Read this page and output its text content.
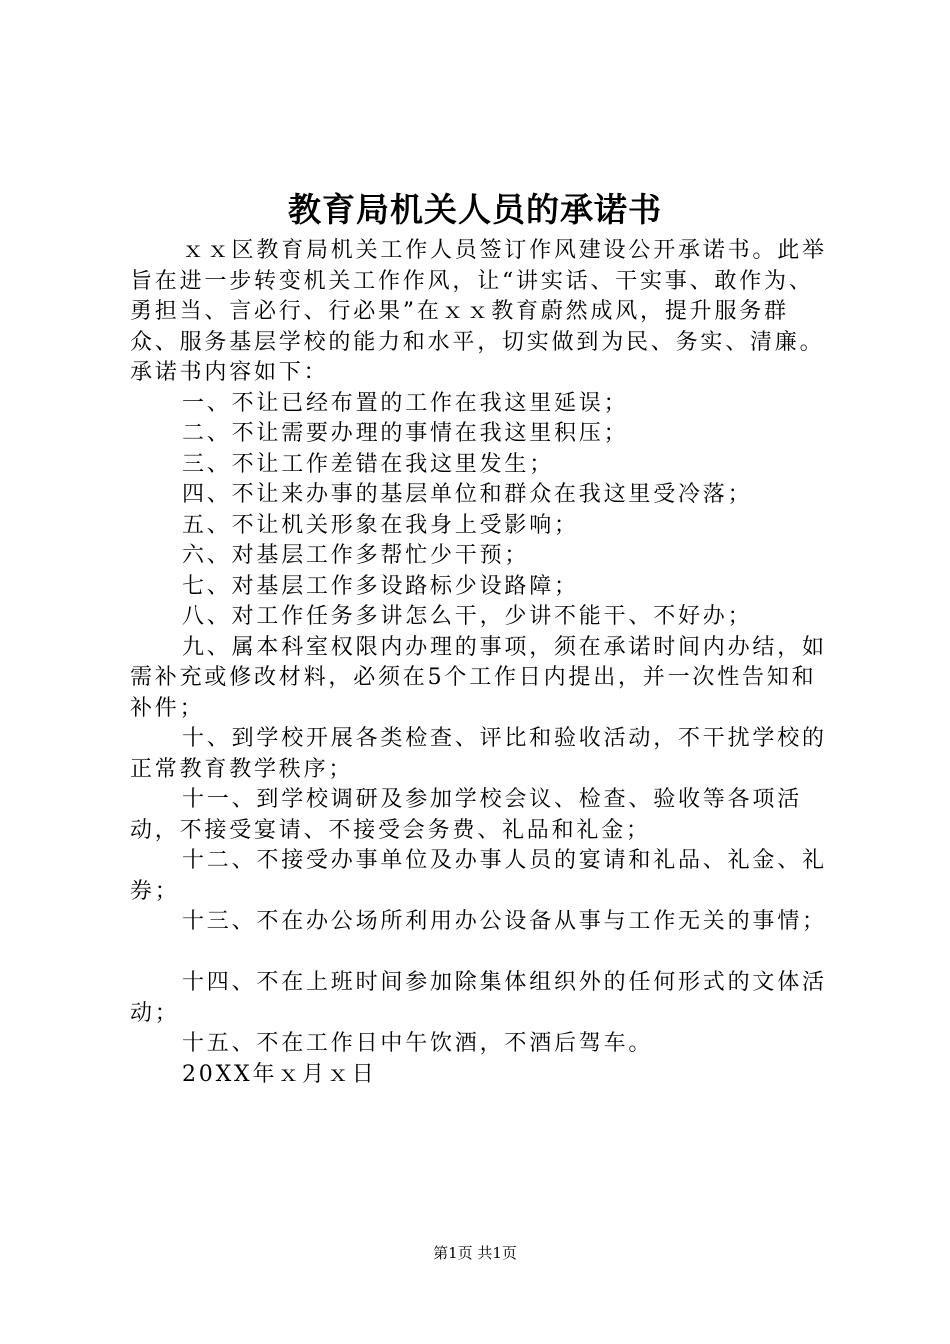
教育局机关人员的承诺书

ｘｘ区教育局机关工作人员签订作风建设公开承诺书。此举旨在进一步转变机关工作作风，让“讲实话、干实事、敢作为、勇担当、言必行、行必果”在ｘｘ教育蔚然成风，提升服务群众、服务基层学校的能力和水平，切实做到为民、务实、清廉。承诺书内容如下：

一、不让已经布置的工作在我这里延误；

二、不让需要办理的事情在我这里积压；

三、不让工作差错在我这里发生；

四、不让来办事的基层单位和群众在我这里受冷落；

五、不让机关形象在我身上受影响；

六、对基层工作多帮忙少干预；

七、对基层工作多设路标少设路障；

八、对工作任务多讲怎么干，少讲不能干、不好办；

九、属本科室权限内办理的事项，须在承诺时间内办结，如需补充或修改材料，必须在5个工作日内提出，并一次性告知和补件；

十、到学校开展各类检查、评比和验收活动，不干扰学校的正常教育教学秩序；

十一、到学校调研及参加学校会议、检查、验收等各项活动，不接受宴请、不接受会务费、礼品和礼金；

十二、不接受办事单位及办事人员的宴请和礼品、礼金、礼券；

十三、不在办公场所利用办公设备从事与工作无关的事情；

十四、不在上班时间参加除集体组织外的任何形式的文体活动；

十五、不在工作日中午饮酒，不酒后驾车。

20XX年ｘ月ｘ日

第1页 共1页
